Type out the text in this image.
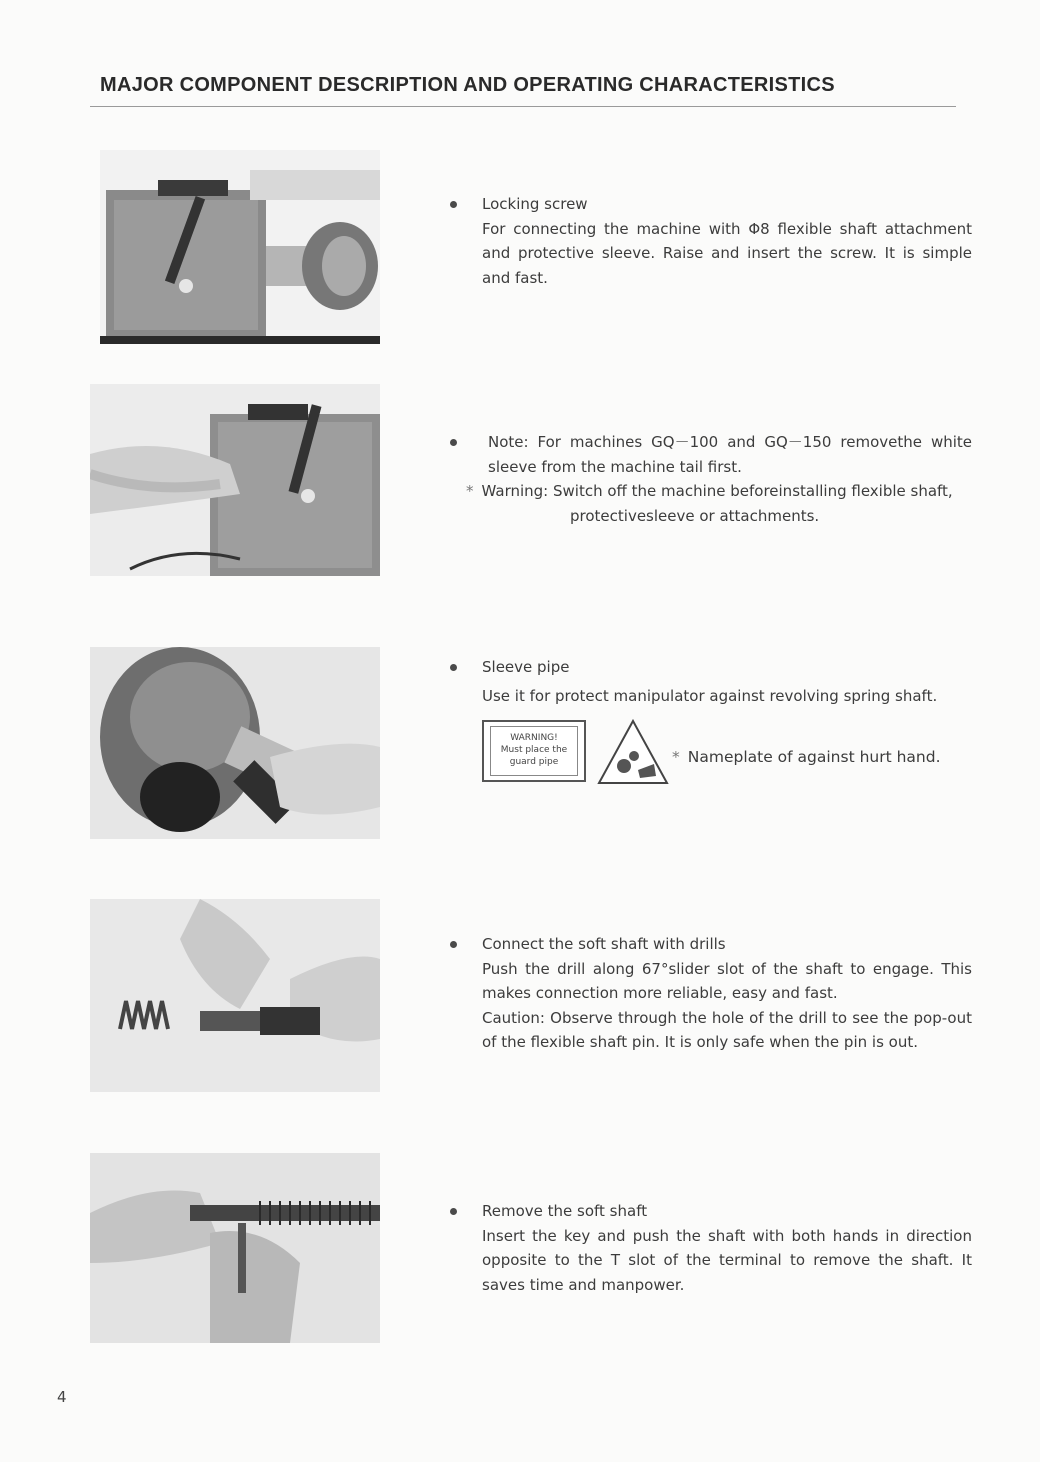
MAJOR COMPONENT DESCRIPTION AND OPERATING CHARACTERISTICS

Locking screw

For connecting the machine with Φ8 flexible shaft attachment and protective sleeve. Raise and insert the screw. It is simple and fast.

Note: For machines GQ－100 and GQ－150 removethe white sleeve from the machine tail first.

* Warning: Switch off the machine beforeinstalling flexible shaft,

protectivesleeve or attachments.

Sleeve pipe

Use it for protect manipulator against revolving spring shaft.

WARNING!
Must place the
guard pipe	* Nameplate of against hurt hand.

Connect the soft shaft with drills

Push the drill along 67°slider slot of the shaft to engage. This makes connection more reliable, easy and fast.

Caution: Observe through the hole of the drill to see the pop-out of the flexible shaft pin. It is only safe when the pin is out.

Remove the soft shaft

Insert the key and push the shaft with both hands in direction opposite to the T slot of the terminal to remove the shaft. It saves time and manpower.

4
